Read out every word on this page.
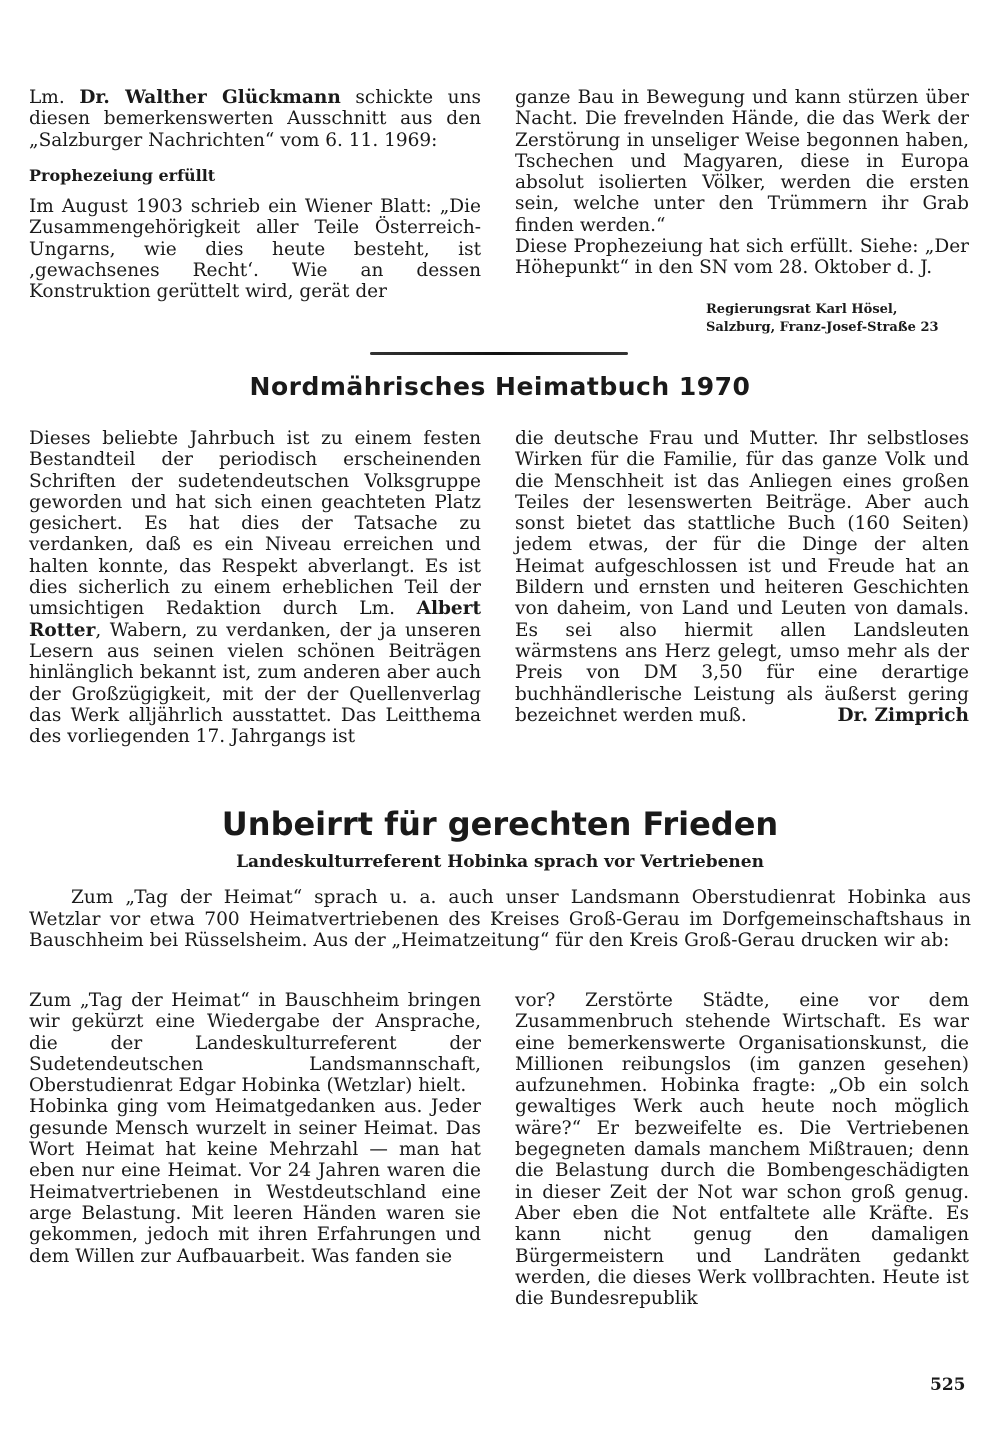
Lm. Dr. Walther Glückmann schickte uns diesen bemerkenswerten Ausschnitt aus den „Salzburger Nachrichten“ vom 6. 11. 1969:

Prophezeiung erfüllt

Im August 1903 schrieb ein Wiener Blatt: „Die Zusammengehörigkeit aller Teile Österreich-Ungarns, wie dies heute besteht, ist ‚gewachsenes Recht‘. Wie an dessen Konstruktion gerüttelt wird, gerät der

ganze Bau in Bewegung und kann stürzen über Nacht. Die frevelnden Hände, die das Werk der Zerstörung in unseliger Weise begonnen haben, Tschechen und Magyaren, diese in Europa absolut isolierten Völker, werden die ersten sein, welche unter den Trümmern ihr Grab finden werden.“

Diese Prophezeiung hat sich erfüllt. Siehe: „Der Höhepunkt“ in den SN vom 28. Oktober d. J.

Regierungsrat Karl Hösel,
Salzburg, Franz-Josef-Straße 23
Nordmährisches Heimatbuch 1970

Dieses beliebte Jahrbuch ist zu einem festen Bestandteil der periodisch erscheinenden Schriften der sudetendeutschen Volksgruppe geworden und hat sich einen geachteten Platz gesichert. Es hat dies der Tatsache zu verdanken, daß es ein Niveau erreichen und halten konnte, das Respekt abverlangt. Es ist dies sicherlich zu einem erheblichen Teil der umsichtigen Redaktion durch Lm. Albert Rotter, Wabern, zu verdanken, der ja unseren Lesern aus seinen vielen schönen Beiträgen hinlänglich bekannt ist, zum anderen aber auch der Großzügigkeit, mit der der Quellenverlag das Werk alljährlich ausstattet. Das Leitthema des vorliegenden 17. Jahrgangs ist

die deutsche Frau und Mutter. Ihr selbstloses Wirken für die Familie, für das ganze Volk und die Menschheit ist das Anliegen eines großen Teiles der lesenswerten Beiträge. Aber auch sonst bietet das stattliche Buch (160 Seiten) jedem etwas, der für die Dinge der alten Heimat aufgeschlossen ist und Freude hat an Bildern und ernsten und heiteren Geschichten von daheim, von Land und Leuten von damals. Es sei also hiermit allen Landsleuten wärmstens ans Herz gelegt, umso mehr als der Preis von DM 3,50 für eine derartige buchhändlerische Leistung als äußerst gering bezeichnet werden muß.	Dr. Zimprich

Unbeirrt für gerechten Frieden
Landeskulturreferent Hobinka sprach vor Vertriebenen

Zum „Tag der Heimat“ sprach u. a. auch unser Landsmann Oberstudienrat Hobinka aus Wetzlar vor etwa 700 Heimatvertriebenen des Kreises Groß-Gerau im Dorfgemeinschaftshaus in Bauschheim bei Rüsselsheim. Aus der „Heimatzeitung“ für den Kreis Groß-Gerau drucken wir ab:

Zum „Tag der Heimat“ in Bauschheim bringen wir gekürzt eine Wiedergabe der Ansprache, die der Landeskulturreferent der Sudetendeutschen Landsmannschaft, Oberstudienrat Edgar Hobinka (Wetzlar) hielt.

Hobinka ging vom Heimatgedanken aus. Jeder gesunde Mensch wurzelt in seiner Heimat. Das Wort Heimat hat keine Mehrzahl — man hat eben nur eine Heimat. Vor 24 Jahren waren die Heimatvertriebenen in Westdeutschland eine arge Belastung. Mit leeren Händen waren sie gekommen, jedoch mit ihren Erfahrungen und dem Willen zur Aufbauarbeit. Was fanden sie

vor? Zerstörte Städte, eine vor dem Zusammenbruch stehende Wirtschaft. Es war eine bemerkenswerte Organisationskunst, die Millionen reibungslos (im ganzen gesehen) aufzunehmen. Hobinka fragte: „Ob ein solch gewaltiges Werk auch heute noch möglich wäre?“ Er bezweifelte es. Die Vertriebenen begegneten damals manchem Mißtrauen; denn die Belastung durch die Bombengeschädigten in dieser Zeit der Not war schon groß genug. Aber eben die Not entfaltete alle Kräfte. Es kann nicht genug den damaligen Bürgermeistern und Landräten gedankt werden, die dieses Werk vollbrachten. Heute ist die Bundesrepublik

525
